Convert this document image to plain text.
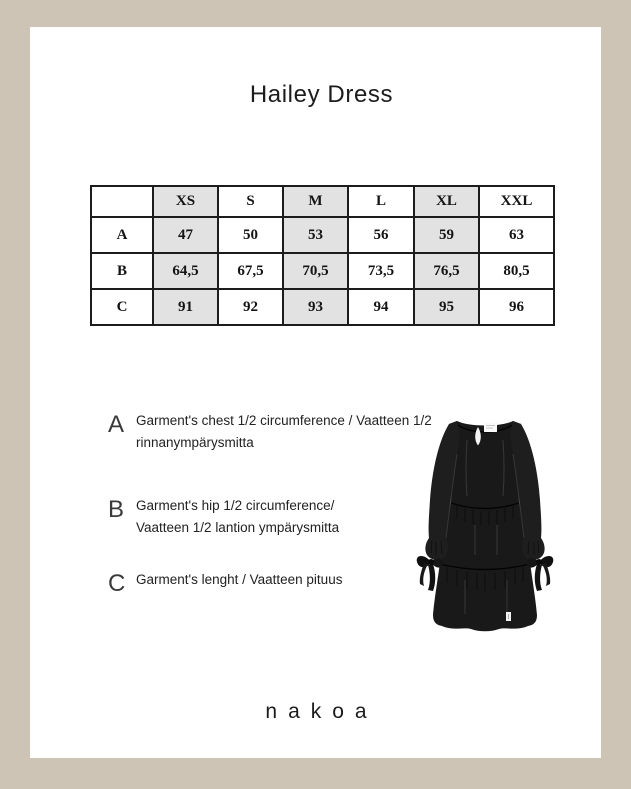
Hailey Dress
	XS	S	M	L	XL	XXL
A	47	50	53	56	59	63
B	64,5	67,5	70,5	73,5	76,5	80,5
C	91	92	93	94	95	96
A Garment's chest 1/2 circumference / Vaatteen 1/2
rinnanympärysmitta
B Garment's hip 1/2 circumference/
Vaatteen 1/2 lantion ympärysmitta
C Garment's lenght / Vaatteen pituus
nakoa
